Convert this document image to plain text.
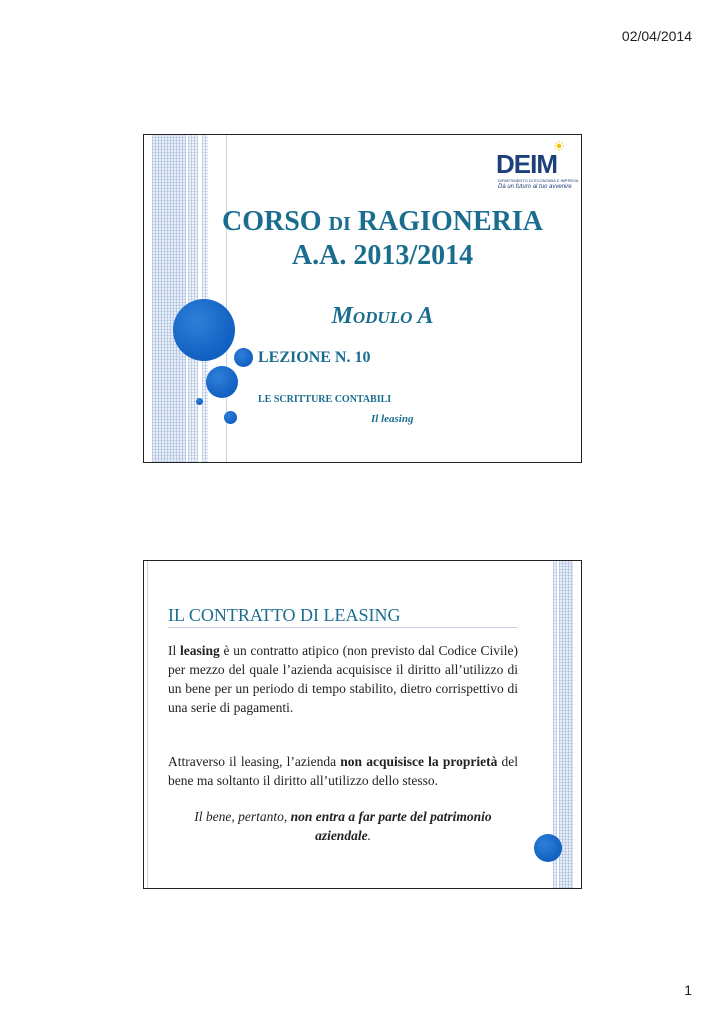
02/04/2014
DEIM
DIPARTIMENTO DI ECONOMIA E IMPRESA
Dà un futuro al tuo avvenire
CORSO DI RAGIONERIA
A.A. 2013/2014
MODULO A
LEZIONE N. 10
LE SCRITTURE CONTABILI
Il leasing
IL CONTRATTO DI LEASING
Il leasing è un contratto atipico (non previsto dal Codice Civile) per mezzo del quale l’azienda acquisisce il diritto all’utilizzo di un bene per un periodo di tempo stabilito, dietro corrispettivo di una serie di pagamenti.
Attraverso il leasing, l’azienda non acquisisce la proprietà del bene ma soltanto il diritto all’utilizzo dello stesso.
Il bene, pertanto, non entra a far parte del patrimonio aziendale.
1
